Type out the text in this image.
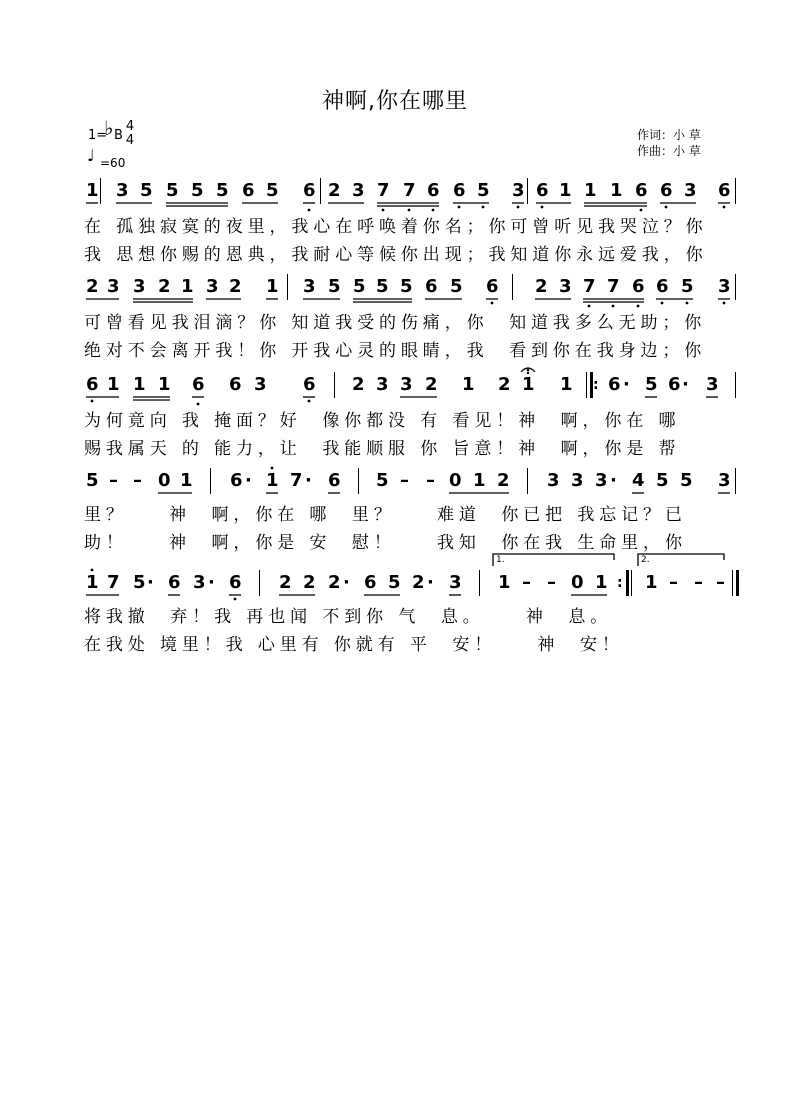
神啊,你在哪里
1=
♭ B
4
4
♩ =60
作词：小 草
作曲：小 草
1 3 5 5 5 5 6 5 6 2 3 7 7 6 6 5 3 6 1 1 1 6 6 3 6
在 孤独寂寞的夜里，我心在呼唤着你名；你可曾听见我哭泣？你
我 思想你赐的恩典，我耐心等候你出现；我知道你永远爱我，你
2 3 3 2 1 3 2 1 3 5 5 5 5 6 5 6 2 3 7 7 6 6 5 3
可曾看见我泪滴？你 知道我受的伤痛，你  知道我多么无助；你
绝对不会离开我！你 开我心灵的眼睛，我  看到你在我身边；你
6 1 1 1 6 6 3 6 2 3 3 2 1 2 1 1 : 6 · 5 6 · 3
为何竟向 我 掩面？好  像你都没 有 看见！神  啊，你在 哪
赐我属天 的 能力，让  我能顺服 你 旨意！神  啊，你是 帮
5 – – 0 1 6 · 1 7 · 6 5 – – 0 1 2 3 3 3 · 4 5 5 3
里？    神  啊，你在 哪  里？    难道  你已把 我忘记？已
助！    神  啊，你是 安  慰！    我知  你在我 生命里，你
1 7 5 · 6 3 · 6 2 2 2 · 6 5 2 · 3 1 – – 0 1 : 1 – – –
1.	2.
将我撤  弃！我 再也闻 不到你 气  息。    神  息。
在我处 境里！我 心里有 你就有 平  安！    神  安！
